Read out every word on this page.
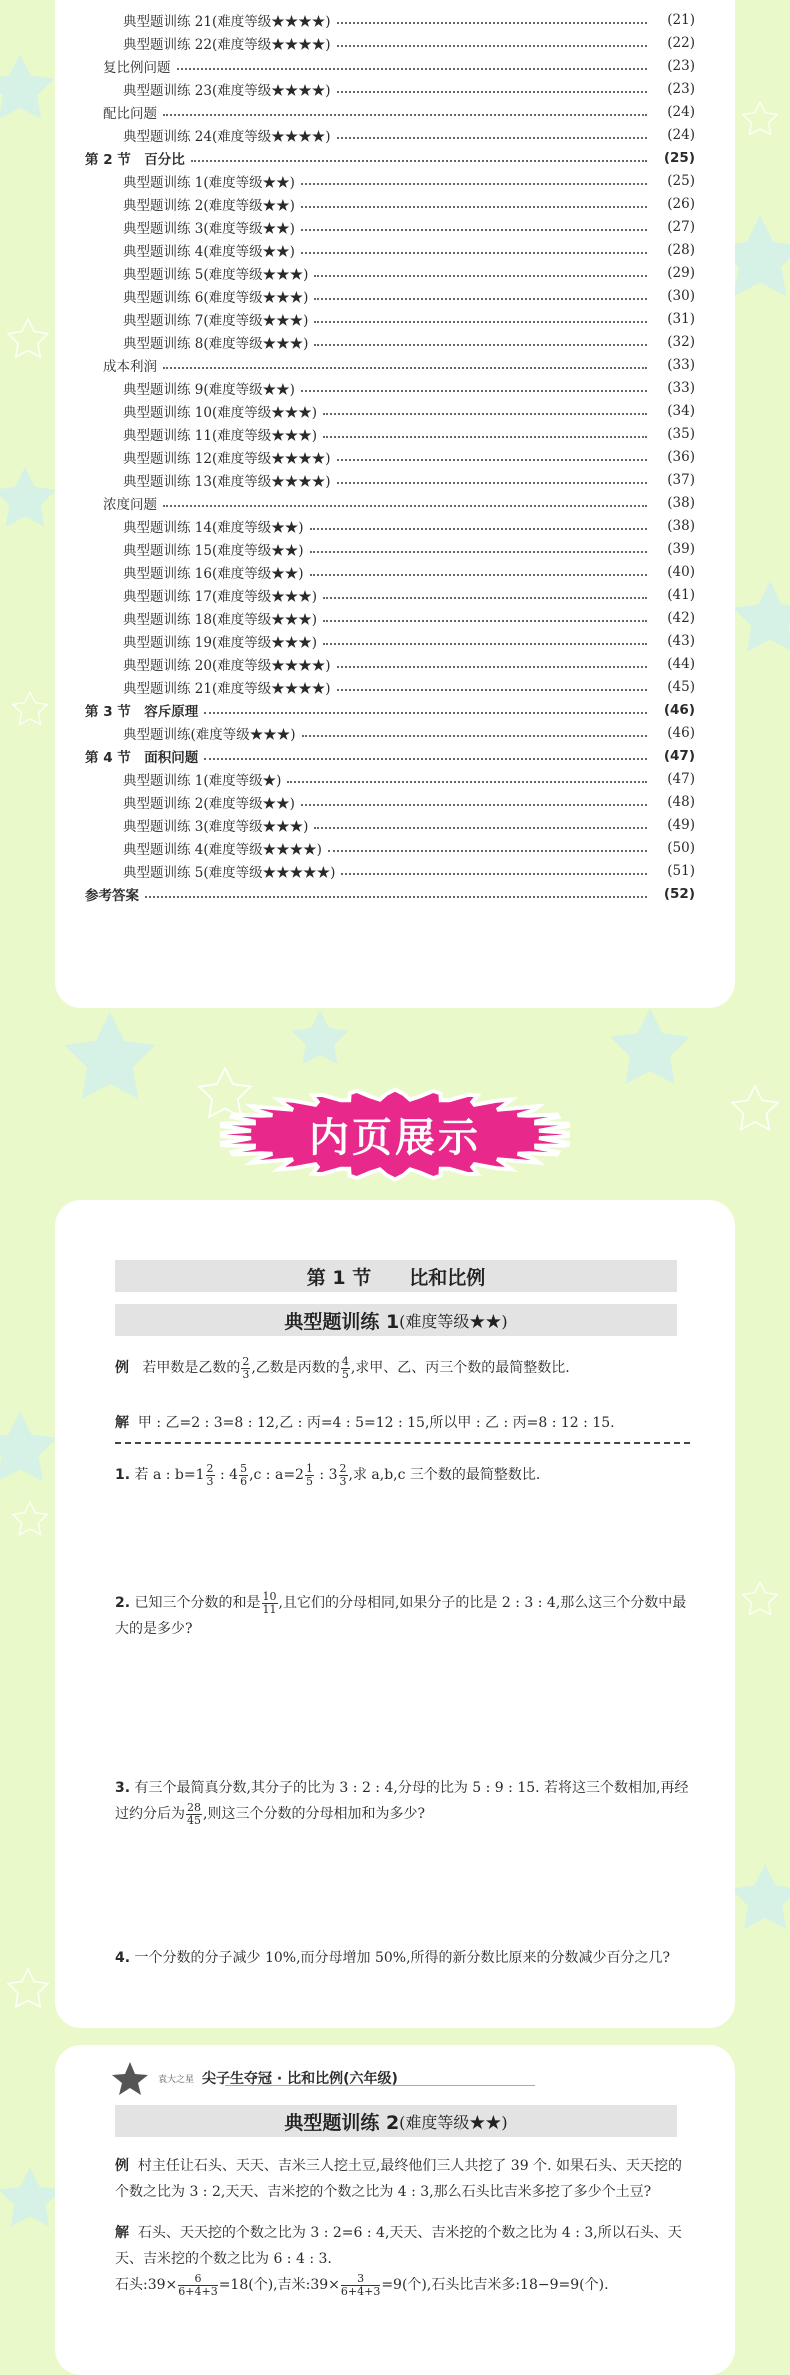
典型题训练 21(难度等级★★★★)	(21)
典型题训练 22(难度等级★★★★)	(22)
复比例问题	(23)
典型题训练 23(难度等级★★★★)	(23)
配比问题	(24)
典型题训练 24(难度等级★★★★)	(24)
第 2 节　百分比	(25)
典型题训练 1(难度等级★★)	(25)
典型题训练 2(难度等级★★)	(26)
典型题训练 3(难度等级★★)	(27)
典型题训练 4(难度等级★★)	(28)
典型题训练 5(难度等级★★★)	(29)
典型题训练 6(难度等级★★★)	(30)
典型题训练 7(难度等级★★★)	(31)
典型题训练 8(难度等级★★★)	(32)
成本利润	(33)
典型题训练 9(难度等级★★)	(33)
典型题训练 10(难度等级★★★)	(34)
典型题训练 11(难度等级★★★)	(35)
典型题训练 12(难度等级★★★★)	(36)
典型题训练 13(难度等级★★★★)	(37)
浓度问题	(38)
典型题训练 14(难度等级★★)	(38)
典型题训练 15(难度等级★★)	(39)
典型题训练 16(难度等级★★)	(40)
典型题训练 17(难度等级★★★)	(41)
典型题训练 18(难度等级★★★)	(42)
典型题训练 19(难度等级★★★)	(43)
典型题训练 20(难度等级★★★★)	(44)
典型题训练 21(难度等级★★★★)	(45)
第 3 节　容斥原理	(46)
典型题训练(难度等级★★★)	(46)
第 4 节　面积问题	(47)
典型题训练 1(难度等级★)	(47)
典型题训练 2(难度等级★★)	(48)
典型题训练 3(难度等级★★★)	(49)
典型题训练 4(难度等级★★★★)	(50)
典型题训练 5(难度等级★★★★★)	(51)
参考答案	(52)
内页展示
第 1 节　　比和比例
典型题训练 1 (难度等级★★)
例 若甲数是乙数的 $\frac{2}{3}$ ,乙数是丙数的 $\frac{4}{5}$ ,求甲、乙、丙三个数的最简整数比.
解 甲 : 乙=2 : 3=8 : 12,乙 : 丙=4 : 5=12 : 15,所以甲 : 乙 : 丙=8 : 12 : 15.
1. 若 a : $b=1 \frac{2}{3}$ : $4 \frac{5}{6} ,c$ : $a=2 \frac{1}{5}$ : $3 \frac{2}{3}$ ,求 a,b,c 三个数的最简整数比.
2. 已知三个分数的和是 $\frac{10}{11}$ ,且它们的分母相同,如果分子的比是 2 : 3 : 4,那么这三个分数中最大的是多少?
3. 有三个最简真分数,其分子的比为 3 : 2 : 4,分母的比为 5 : 9 : 15. 若将这三个数相加,再经过约分后为 $\frac{28}{45}$ ,则这三个分数的分母相加和为多少?
4. 一个分数的分子减少 10%,而分母增加 50%,所得的新分数比原来的分数减少百分之几?
袁大之星 尖子生夺冠 · 比和比例(六年级)
典型题训练 2 (难度等级★★)
例 村主任让石头、天天、吉米三人挖土豆,最终他们三人共挖了 39 个. 如果石头、天天挖的个数之比为 3 : 2,天天、吉米挖的个数之比为 4 : 3,那么石头比吉米多挖了多少个土豆?
解 石头、天天挖的个数之比为 3 : 2=6 : 4,天天、吉米挖的个数之比为 4 : 3,所以石头、天天、吉米挖的个数之比为 6 : 4 : 3.
石头:39× $\frac{6}{6+4+3} =18$(个),吉米:39× $\frac{3}{6+4+3} =9$(个),石头比吉米多:18−9=9(个).
